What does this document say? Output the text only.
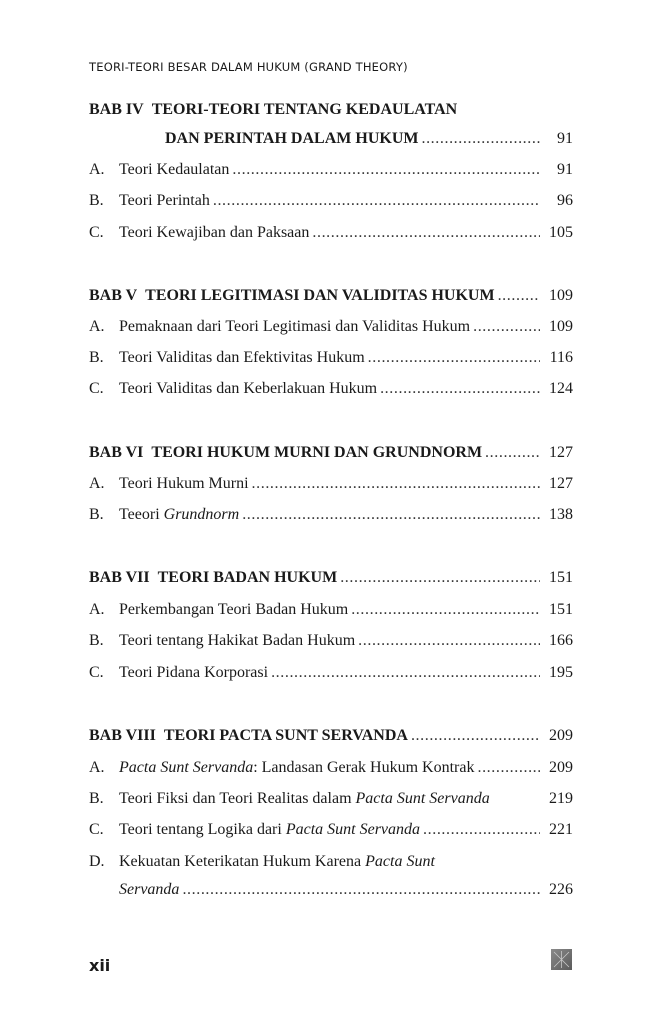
TEORI-TEORI BESAR DALAM HUKUM (GRAND THEORY)
BAB IV TEORI-TEORI TENTANG KEDAULATAN
DAN PERINTAH DALAM HUKUM .....	91
A. Teori Kedaulatan .....	91
B. Teori Perintah .....	96
C. Teori Kewajiban dan Paksaan .....	105
BAB V TEORI LEGITIMASI DAN VALIDITAS HUKUM .....	109
A. Pemaknaan dari Teori Legitimasi dan Validitas Hukum .....	109
B. Teori Validitas dan Efektivitas Hukum .....	116
C. Teori Validitas dan Keberlakuan Hukum .....	124
BAB VI TEORI HUKUM MURNI DAN GRUNDNORM .....	127
A. Teori Hukum Murni .....	127
B. Teeori Grundnorm .....	138
BAB VII TEORI BADAN HUKUM .....	151
A. Perkembangan Teori Badan Hukum .....	151
B. Teori tentang Hakikat Badan Hukum .....	166
C. Teori Pidana Korporasi .....	195
BAB VIII TEORI PACTA SUNT SERVANDA .....	209
A. Pacta Sunt Servanda: Landasan Gerak Hukum Kontrak .....	209
B. Teori Fiksi dan Teori Realitas dalam Pacta Sunt Servanda	219
C. Teori tentang Logika dari Pacta Sunt Servanda .....	221
D. Kekuatan Keterikatan Hukum Karena Pacta Sunt
Servanda .....	226
xii
